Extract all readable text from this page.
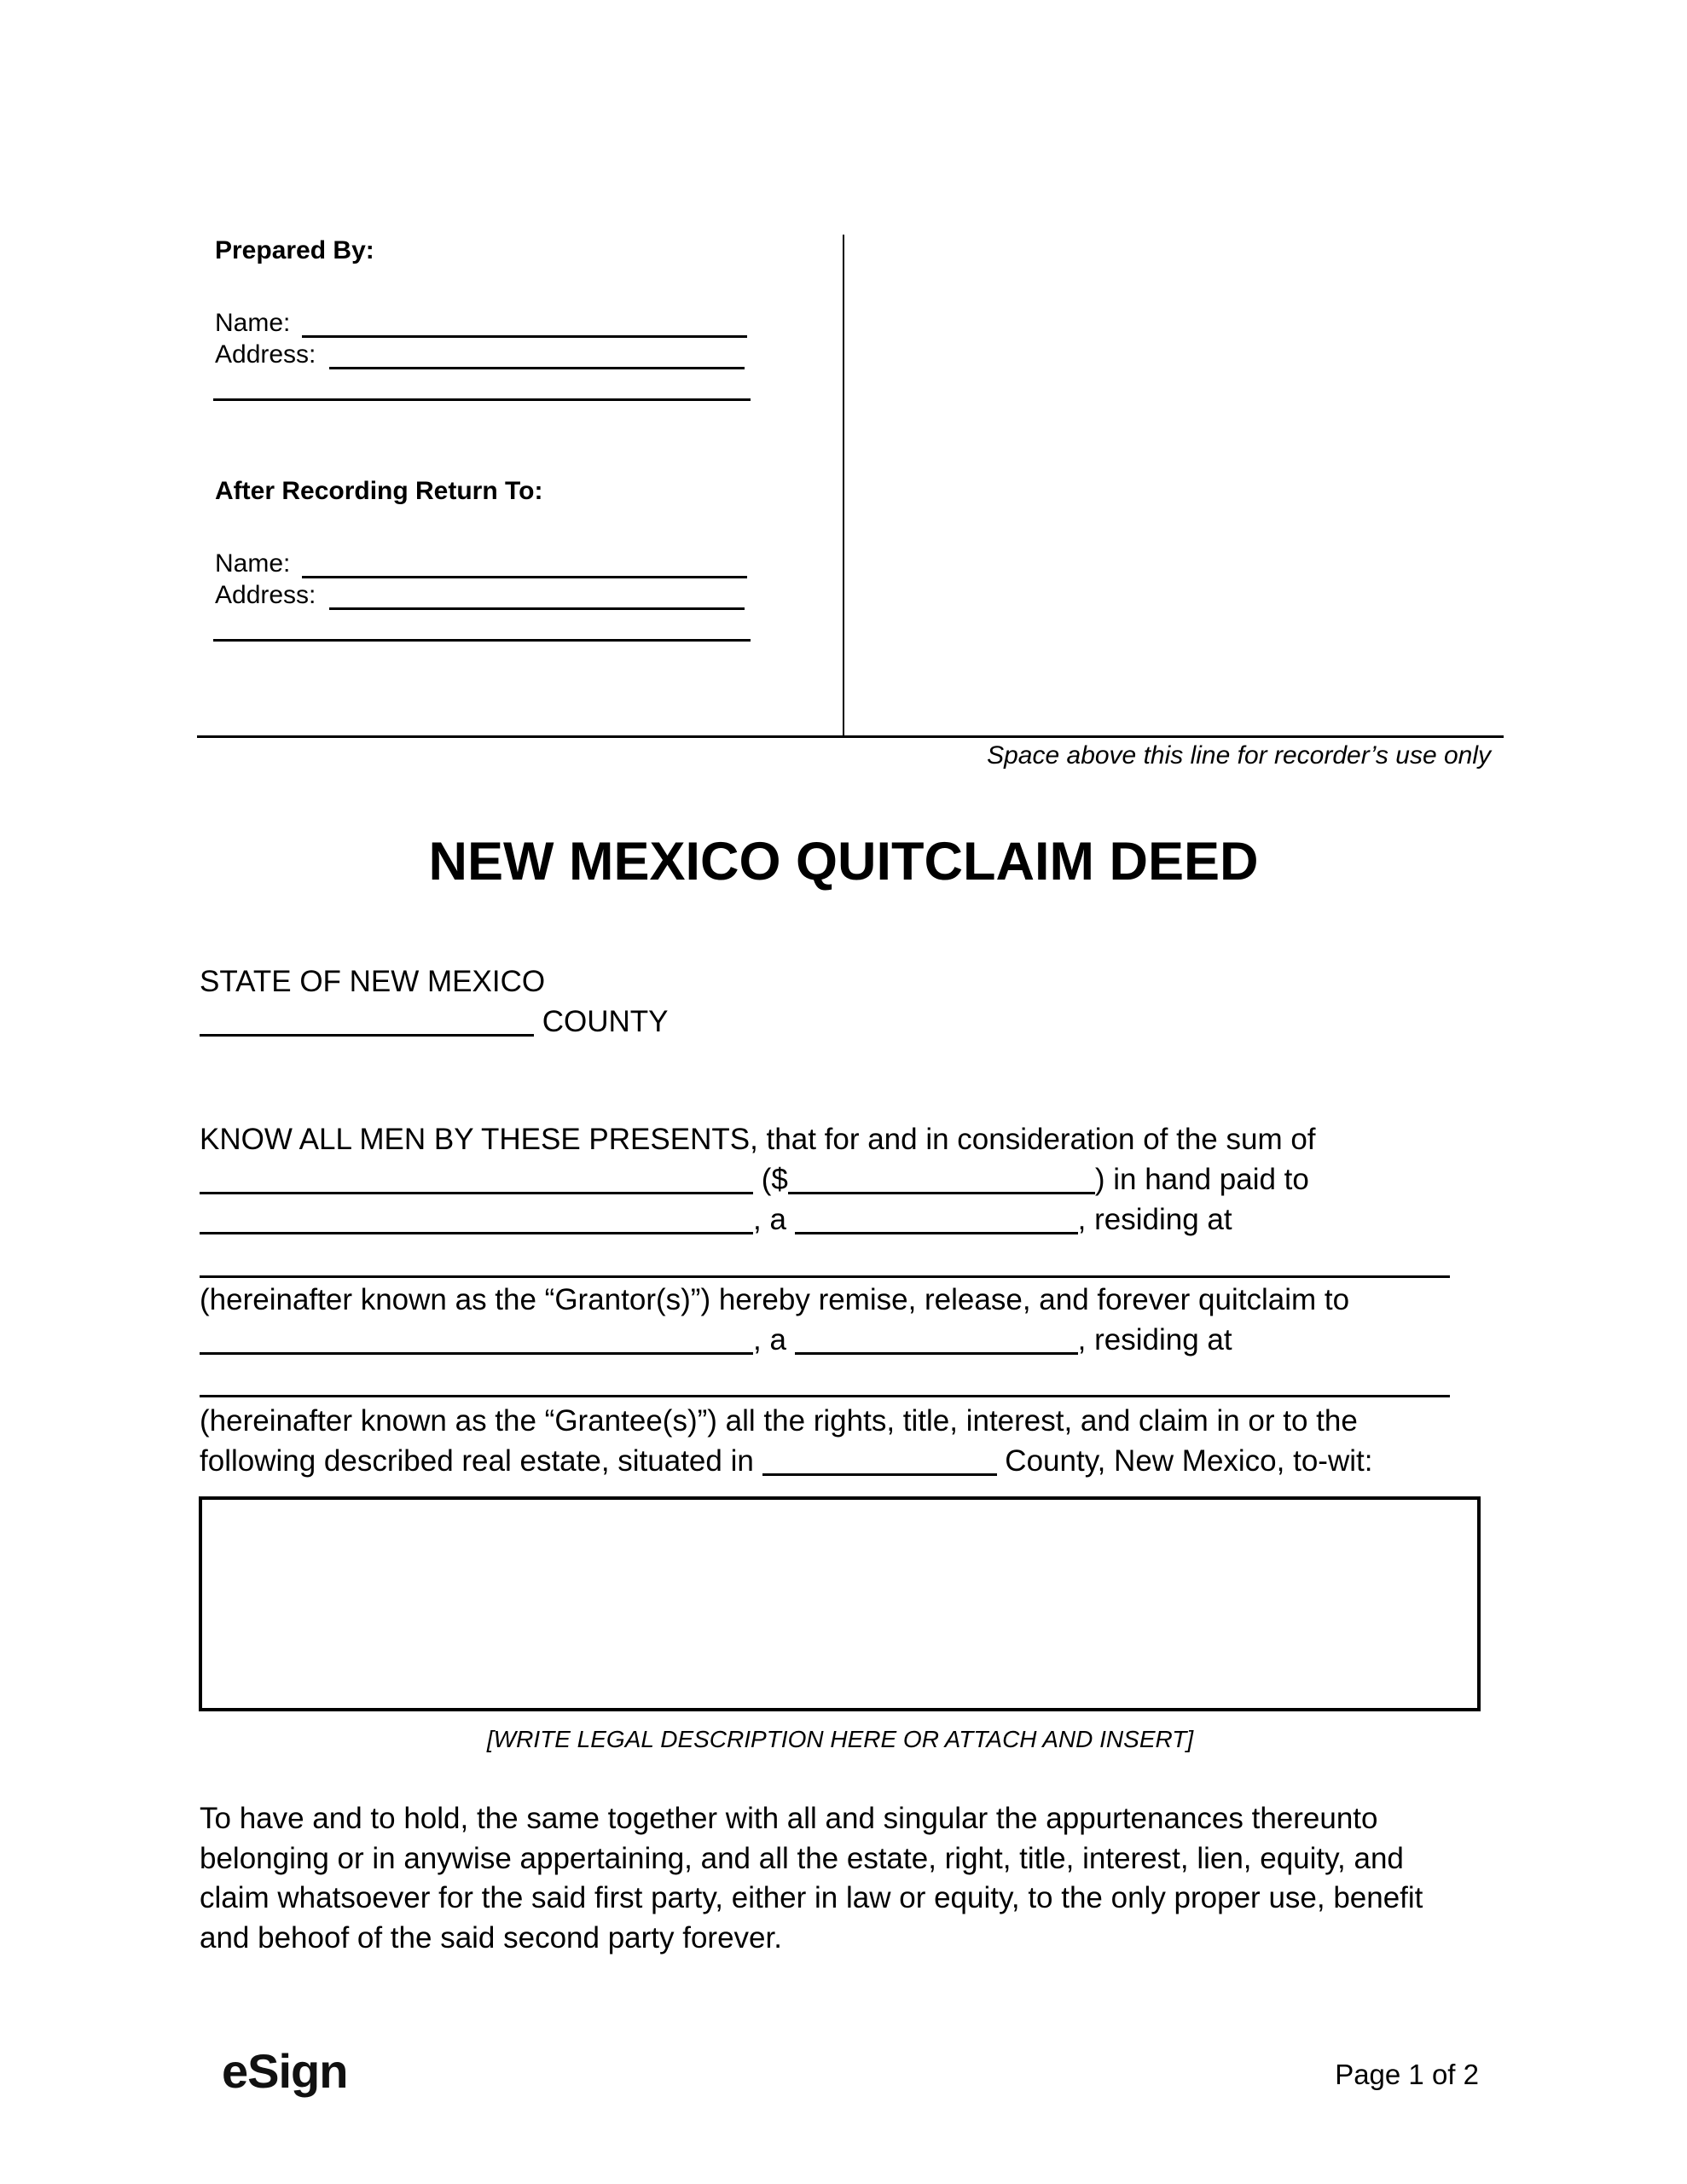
Prepared By:
Name:
Address:
After Recording Return To:
Name:
Address:
Space above this line for recorder’s use only
NEW MEXICO QUITCLAIM DEED
STATE OF NEW MEXICO
COUNTY
KNOW ALL MEN BY THESE PRESENTS, that for and in consideration of the sum of
($	) in hand paid to
, a	, residing at
(hereinafter known as the “Grantor(s)”) hereby remise, release, and forever quitclaim to
, a	, residing at
(hereinafter known as the “Grantee(s)”) all the rights, title, interest, and claim in or to the
following described real estate, situated in	County, New Mexico, to-wit:
[WRITE LEGAL DESCRIPTION HERE OR ATTACH AND INSERT]
To have and to hold, the same together with all and singular the appurtenances thereunto
belonging or in anywise appertaining, and all the estate, right, title, interest, lien, equity, and
claim whatsoever for the said first party, either in law or equity, to the only proper use, benefit
and behoof of the said second party forever.
eSign	Page 1 of 2
